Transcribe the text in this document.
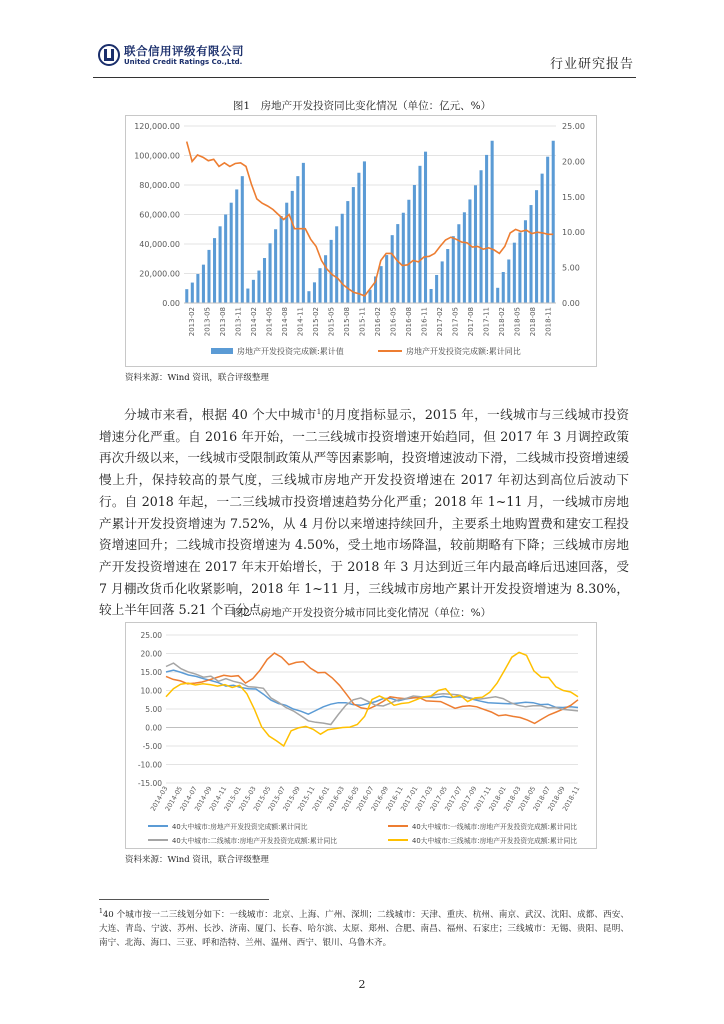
联合信用评级有限公司
United Credit Ratings Co.,Ltd.	行业研究报告
图1　房地产开发投资同比变化情况（单位：亿元、%）
0.00
20,000.00
40,000.00
60,000.00
80,000.00
100,000.00
120,000.00
0.00
5.00
10.00
15.00
20.00
25.00
2013-02 2013-05 2013-08 2013-11 2014-02 2014-05 2014-08 2014-11 2015-02 2015-05 2015-08 2015-11 2016-02 2016-05 2016-08 2016-11 2017-02 2017-05 2017-08 2017-11 2018-02 2018-05 2018-08 2018-11
房地产开发投资完成额:累计值	房地产开发投资完成额:累计同比
资料来源：Wind 资讯，联合评级整理

分城市来看，根据 40 个大中城市$^1$的月度指标显示，2015 年，一线城市与三线城市投资增速分化严重。自 2016 年开始，一二三线城市投资增速开始趋同，但 2017 年 3 月调控政策再次升级以来，一线城市受限制政策从严等因素影响，投资增速波动下滑，二线城市投资增速缓慢上升，保持较高的景气度，三线城市房地产开发投资增速在 2017 年初达到高位后波动下行。自 2018 年起，一二三线城市投资增速趋势分化严重；2018 年 1~11 月，一线城市房地产累计开发投资增速为 7.52%，从 4 月份以来增速持续回升，主要系土地购置费和建安工程投资增速回升；二线城市投资增速为 4.50%，受土地市场降温，较前期略有下降；三线城市房地产开发投资增速在 2017 年末开始增长，于 2018 年 3 月达到近三年内最高峰后迅速回落，受 7 月棚改货币化收紧影响，2018 年 1~11 月，三线城市房地产累计开发投资增速为 8.30%，较上半年回落 5.21 个百分点。

图2　房地产开发投资分城市同比变化情况（单位：%）
-15.00
-10.00
-5.00
0.00
5.00
10.00
15.00
20.00
25.00
2014-03
2014-05
2014-07
2014-09
2014-11
2015-01
2015-03
2015-05
2015-07
2015-09
2015-11
2016-01
2016-03
2016-05
2016-07
2016-09
2016-11
2017-01
2017-03
2017-05
2017-07
2017-09
2017-11
2018-01
2018-03
2018-05
2018-07
2018-09
2018-11
40大中城市:房地产开发投资完成额:累计同比	40大中城市:一线城市:房地产开发投资完成额:累计同比
40大中城市:二线城市:房地产开发投资完成额:累计同比	40大中城市:三线城市:房地产开发投资完成额:累计同比
资料来源：Wind 资讯，联合评级整理

$^1$40 个城市按一二三线划分如下：一线城市：北京、上海、广州、深圳；二线城市：天津、重庆、杭州、南京、武汉、沈阳、成都、西安、大连、青岛、宁波、苏州、长沙、济南、厦门、长春、哈尔滨、太原、郑州、合肥、南昌、福州、石家庄；三线城市：无锡、贵阳、昆明、南宁、北海、海口、三亚、呼和浩特、兰州、温州、西宁、银川、乌鲁木齐。

2
